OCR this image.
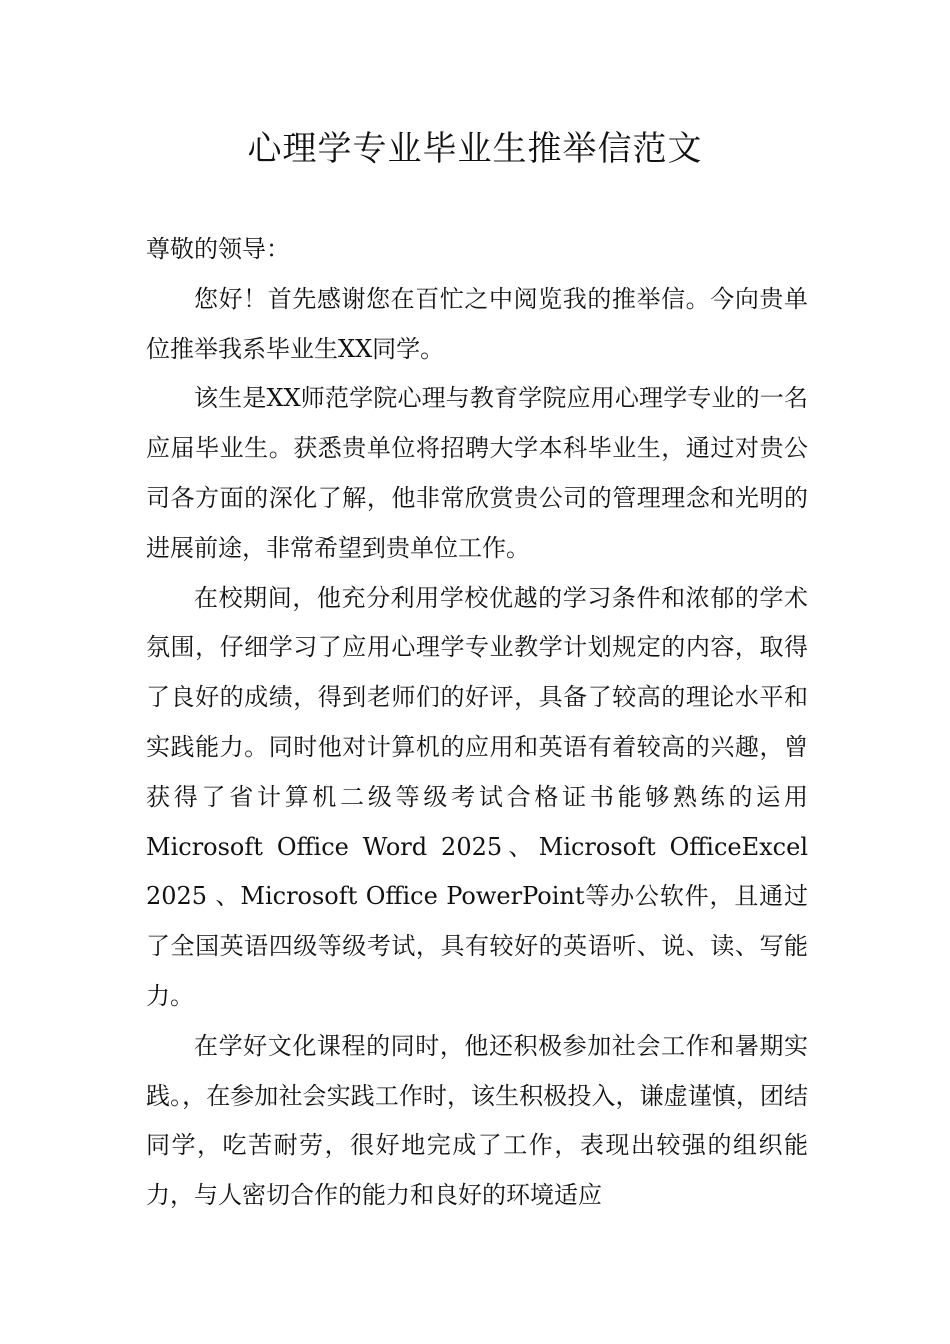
心理学专业毕业生推举信范文

尊敬的领导：

您好！首先感谢您在百忙之中阅览我的推举信。今向贵单位推举我系毕业生XX同学。

该生是XX师范学院心理与教育学院应用心理学专业的一名应届毕业生。获悉贵单位将招聘大学本科毕业生，通过对贵公司各方面的深化了解，他非常欣赏贵公司的管理理念和光明的进展前途，非常希望到贵单位工作。

在校期间，他充分利用学校优越的学习条件和浓郁的学术氛围，仔细学习了应用心理学专业教学计划规定的内容，取得了良好的成绩，得到老师们的好评，具备了较高的理论水平和实践能力。同时他对计算机的应用和英语有着较高的兴趣，曾获得了省计算机二级等级考试合格证书能够熟练的运用Microsoft Office Word 2025、Microsoft OfficeExcel 2025 、Microsoft Office PowerPoint等办公软件，且通过了全国英语四级等级考试，具有较好的英语听、说、读、写能力。

在学好文化课程的同时，他还积极参加社会工作和暑期实践。，在参加社会实践工作时，该生积极投入，谦虚谨慎，团结同学，吃苦耐劳，很好地完成了工作，表现出较强的组织能力，与人密切合作的能力和良好的环境适应
